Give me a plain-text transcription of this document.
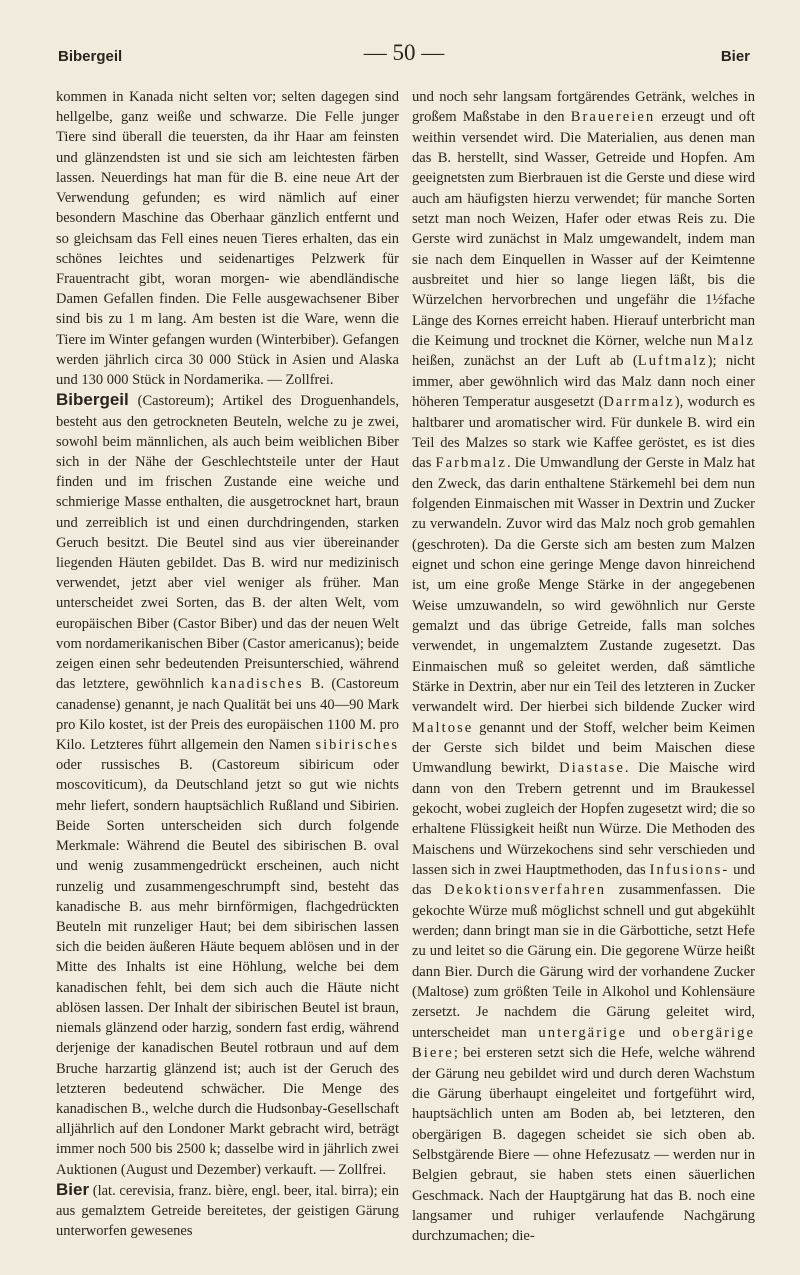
Bibergeil	— 50 —	Bier

kommen in Kanada nicht selten vor; selten dagegen sind hellgelbe, ganz weiße und schwarze. Die Felle junger Tiere sind überall die teuersten, da ihr Haar am feinsten und glänzendsten ist und sie sich am leichtesten färben lassen. Neuerdings hat man für die B. eine neue Art der Verwendung gefunden; es wird nämlich auf einer besondern Maschine das Oberhaar gänzlich entfernt und so gleichsam das Fell eines neuen Tieres erhalten, das ein schönes leichtes und seidenartiges Pelzwerk für Frauentracht gibt, woran morgen- wie abendländische Damen Gefallen finden. Die Felle ausgewachsener Biber sind bis zu 1 m lang. Am besten ist die Ware, wenn die Tiere im Winter gefangen wurden (Winterbiber). Gefangen werden jährlich circa 30 000 Stück in Asien und Alaska und 130 000 Stück in Nordamerika. — Zollfrei.

Bibergeil (Castoreum); Artikel des Droguenhandels, besteht aus den getrockneten Beuteln, welche zu je zwei, sowohl beim männlichen, als auch beim weiblichen Biber sich in der Nähe der Geschlechtsteile unter der Haut finden und im frischen Zustande eine weiche und schmierige Masse enthalten, die ausgetrocknet hart, braun und zerreiblich ist und einen durchdringenden, starken Geruch besitzt. Die Beutel sind aus vier übereinander liegenden Häuten gebildet. Das B. wird nur medizinisch verwendet, jetzt aber viel weniger als früher. Man unterscheidet zwei Sorten, das B. der alten Welt, vom europäischen Biber (Castor Biber) und das der neuen Welt vom nordamerikanischen Biber (Castor americanus); beide zeigen einen sehr bedeutenden Preisunterschied, während das letztere, gewöhnlich kanadisches B. (Castoreum canadense) genannt, je nach Qualität bei uns 40—90 Mark pro Kilo kostet, ist der Preis des europäischen 1100 M. pro Kilo. Letzteres führt allgemein den Namen sibirisches oder russisches B. (Castoreum sibiricum oder moscoviticum), da Deutschland jetzt so gut wie nichts mehr liefert, sondern hauptsächlich Rußland und Sibirien. Beide Sorten unterscheiden sich durch folgende Merkmale: Während die Beutel des sibirischen B. oval und wenig zusammengedrückt erscheinen, auch nicht runzelig und zusammengeschrumpft sind, besteht das kanadische B. aus mehr birnförmigen, flachgedrückten Beuteln mit runzeliger Haut; bei dem sibirischen lassen sich die beiden äußeren Häute bequem ablösen und in der Mitte des Inhalts ist eine Höhlung, welche bei dem kanadischen fehlt, bei dem sich auch die Häute nicht ablösen lassen. Der Inhalt der sibirischen Beutel ist braun, niemals glänzend oder harzig, sondern fast erdig, während derjenige der kanadischen Beutel rotbraun und auf dem Bruche harzartig glänzend ist; auch ist der Geruch des letzteren bedeutend schwächer. Die Menge des kanadischen B., welche durch die Hudsonbay-Gesellschaft alljährlich auf den Londoner Markt gebracht wird, beträgt immer noch 500 bis 2500 k; dasselbe wird in jährlich zwei Auktionen (August und Dezember) verkauft. — Zollfrei.

Bier (lat. cerevisia, franz. bière, engl. beer, ital. birra); ein aus gemalztem Getreide bereitetes, der geistigen Gärung unterworfen gewesenes

und noch sehr langsam fortgärendes Getränk, welches in großem Maßstabe in den Brauereien erzeugt und oft weithin versendet wird. Die Materialien, aus denen man das B. herstellt, sind Wasser, Getreide und Hopfen. Am geeignetsten zum Bierbrauen ist die Gerste und diese wird auch am häufigsten hierzu verwendet; für manche Sorten setzt man noch Weizen, Hafer oder etwas Reis zu. Die Gerste wird zunächst in Malz umgewandelt, indem man sie nach dem Einquellen in Wasser auf der Keimtenne ausbreitet und hier so lange liegen läßt, bis die Würzelchen hervorbrechen und ungefähr die 1½fache Länge des Kornes erreicht haben. Hierauf unterbricht man die Keimung und trocknet die Körner, welche nun Malz heißen, zunächst an der Luft ab (Luftmalz); nicht immer, aber gewöhnlich wird das Malz dann noch einer höheren Temperatur ausgesetzt (Darrmalz), wodurch es haltbarer und aromatischer wird. Für dunkele B. wird ein Teil des Malzes so stark wie Kaffee geröstet, es ist dies das Farbmalz. Die Umwandlung der Gerste in Malz hat den Zweck, das darin enthaltene Stärkemehl bei dem nun folgenden Einmaischen mit Wasser in Dextrin und Zucker zu verwandeln. Zuvor wird das Malz noch grob gemahlen (geschroten). Da die Gerste sich am besten zum Malzen eignet und schon eine geringe Menge davon hinreichend ist, um eine große Menge Stärke in der angegebenen Weise umzuwandeln, so wird gewöhnlich nur Gerste gemalzt und das übrige Getreide, falls man solches verwendet, in ungemalztem Zustande zugesetzt. Das Einmaischen muß so geleitet werden, daß sämtliche Stärke in Dextrin, aber nur ein Teil des letzteren in Zucker verwandelt wird. Der hierbei sich bildende Zucker wird Maltose genannt und der Stoff, welcher beim Keimen der Gerste sich bildet und beim Maischen diese Umwandlung bewirkt, Diastase. Die Maische wird dann von den Trebern getrennt und im Braukessel gekocht, wobei zugleich der Hopfen zugesetzt wird; die so erhaltene Flüssigkeit heißt nun Würze. Die Methoden des Maischens und Würzekochens sind sehr verschieden und lassen sich in zwei Hauptmethoden, das Infusions- und das Dekoktionsverfahren zusammenfassen. Die gekochte Würze muß möglichst schnell und gut abgekühlt werden; dann bringt man sie in die Gärbottiche, setzt Hefe zu und leitet so die Gärung ein. Die gegorene Würze heißt dann Bier. Durch die Gärung wird der vorhandene Zucker (Maltose) zum größten Teile in Alkohol und Kohlensäure zersetzt. Je nachdem die Gärung geleitet wird, unterscheidet man untergärige und obergärige Biere; bei ersteren setzt sich die Hefe, welche während der Gärung neu gebildet wird und durch deren Wachstum die Gärung überhaupt eingeleitet und fortgeführt wird, hauptsächlich unten am Boden ab, bei letzteren, den obergärigen B. dagegen scheidet sie sich oben ab. Selbstgärende Biere — ohne Hefezusatz — werden nur in Belgien gebraut, sie haben stets einen säuerlichen Geschmack. Nach der Hauptgärung hat das B. noch eine langsamer und ruhiger verlaufende Nachgärung durchzumachen; die-
